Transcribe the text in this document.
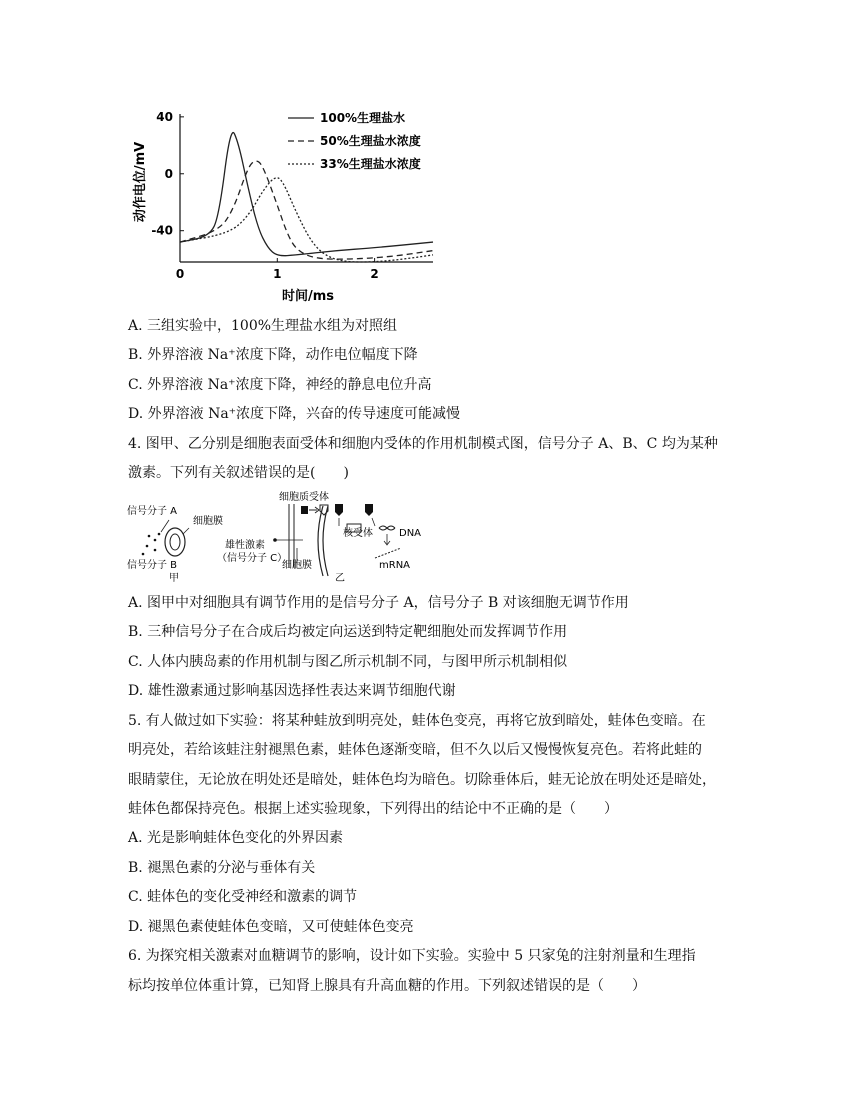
0	1	2
40
0
-40
100%生理盐水
50%生理盐水浓度
33%生理盐水浓度
时间/ms
动作电位/mV
A. 三组实验中，100%生理盐水组为对照组
B. 外界溶液 Na⁺浓度下降，动作电位幅度下降
C. 外界溶液 Na⁺浓度下降，神经的静息电位升高
D. 外界溶液 Na⁺浓度下降，兴奋的传导速度可能减慢
4. 图甲、乙分别是细胞表面受体和细胞内受体的作用机制模式图，信号分子 A、B、C 均为某种
激素。下列有关叙述错误的是(　　)
信号分子 A
细胞膜
信号分子 B
甲
细胞质受体
雄性激素
（信号分子 C）
细胞膜
核受体	DNA
mRNA
乙
A. 图甲中对细胞具有调节作用的是信号分子 A，信号分子 B 对该细胞无调节作用
B. 三种信号分子在合成后均被定向运送到特定靶细胞处而发挥调节作用
C. 人体内胰岛素的作用机制与图乙所示机制不同，与图甲所示机制相似
D. 雄性激素通过影响基因选择性表达来调节细胞代谢
5. 有人做过如下实验：将某种蛙放到明亮处，蛙体色变亮，再将它放到暗处，蛙体色变暗。在
明亮处，若给该蛙注射褪黑色素，蛙体色逐渐变暗，但不久以后又慢慢恢复亮色。若将此蛙的
眼睛蒙住，无论放在明处还是暗处，蛙体色均为暗色。切除垂体后，蛙无论放在明处还是暗处，
蛙体色都保持亮色。根据上述实验现象，下列得出的结论中不正确的是（　　）
A. 光是影响蛙体色变化的外界因素
B. 褪黑色素的分泌与垂体有关
C. 蛙体色的变化受神经和激素的调节
D. 褪黑色素使蛙体色变暗，又可使蛙体色变亮
6. 为探究相关激素对血糖调节的影响，设计如下实验。实验中 5 只家兔的注射剂量和生理指
标均按单位体重计算，已知肾上腺具有升高血糖的作用。下列叙述错误的是（　　）
